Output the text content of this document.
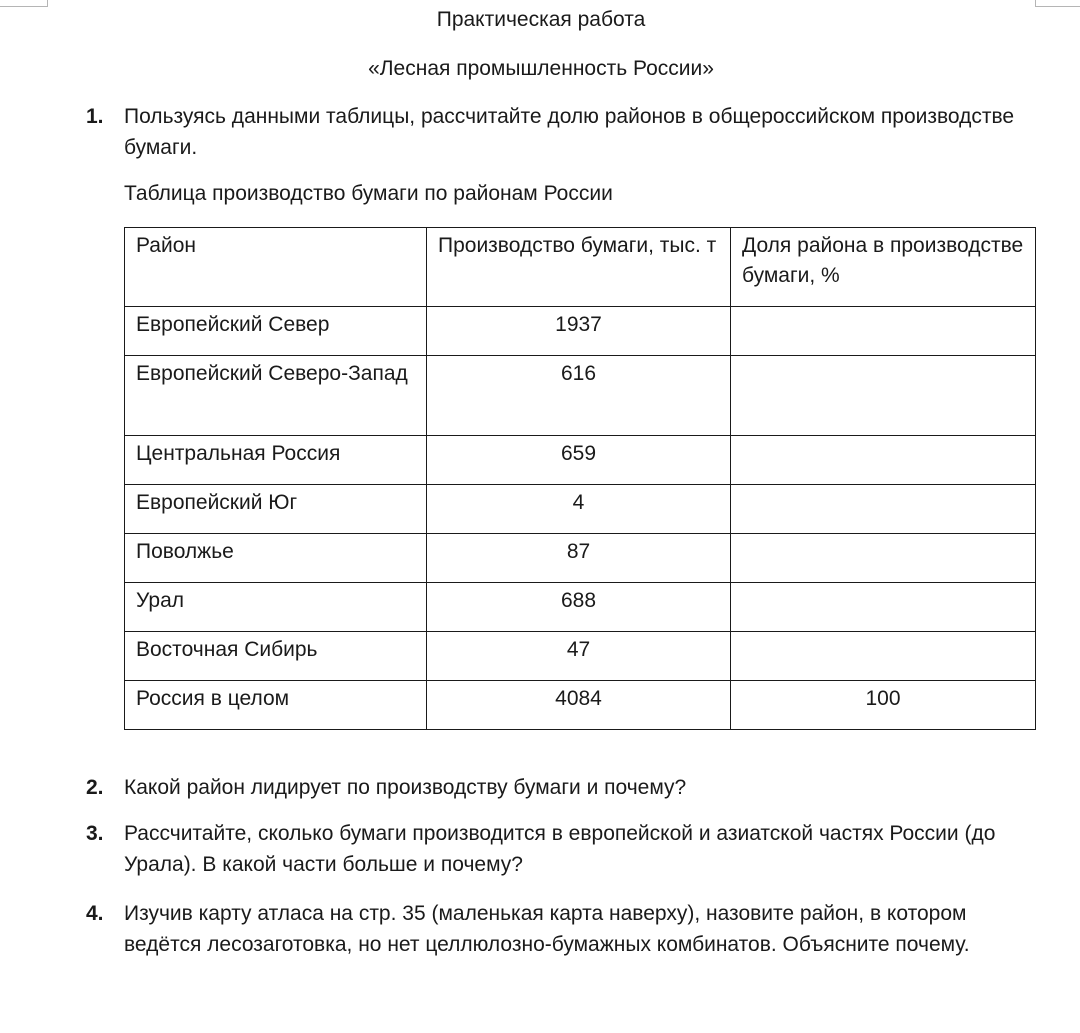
Практическая работа
«Лесная промышленность России»
1. Пользуясь данными таблицы, рассчитайте долю районов в общероссийском производстве бумаги.
Таблица производство бумаги по районам России
Район	Производство бумаги, тыс. т	Доля района в производстве бумаги, %
Европейский Север	1937	
Европейский Северо-Запад	616	
Центральная Россия	659	
Европейский Юг	4	
Поволжье	87	
Урал	688	
Восточная Сибирь	47	
Россия в целом	4084	100
2. Какой район лидирует по производству бумаги и почему?
3. Рассчитайте, сколько бумаги производится в европейской и азиатской частях России (до Урала). В какой части больше и почему?
4. Изучив карту атласа на стр. 35 (маленькая карта наверху), назовите район, в котором ведётся лесозаготовка, но нет целлюлозно-бумажных комбинатов. Объясните почему.
